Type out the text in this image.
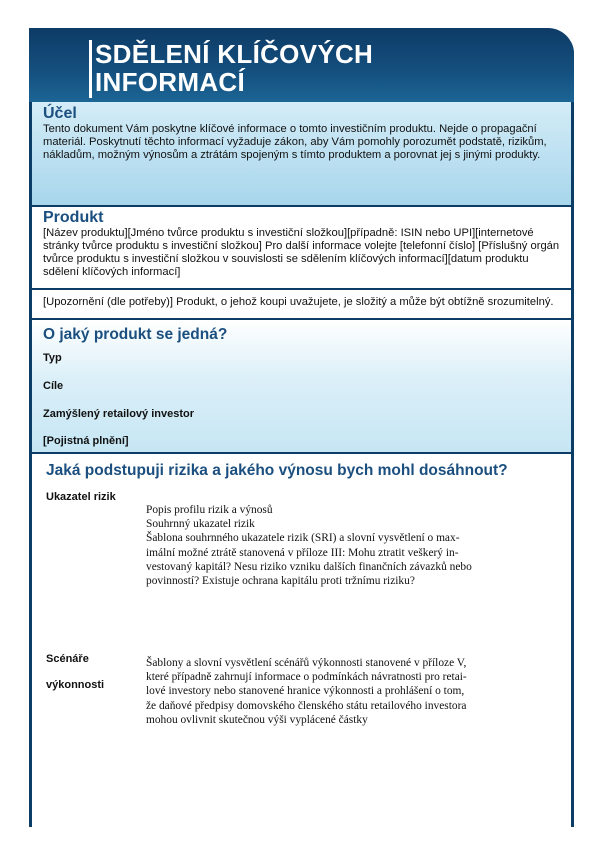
SDĚLENÍ KLÍČOVÝCH
INFORMACÍ
Účel

Tento dokument Vám poskytne klíčové informace o tomto investičním produktu. Nejde o propagační materiál. Poskytnutí těchto informací vyžaduje zákon, aby Vám pomohly porozumět podstatě, rizikům, nákladům, možným výnosům a ztrátám spojeným s tímto produktem a porovnat jej s jinými produkty.

Produkt

[Název produktu][Jméno tvůrce produktu s investiční složkou][případně: ISIN nebo UPI][internetové stránky tvůrce produktu s investiční složkou] Pro další informace volejte [telefonní číslo] [Příslušný orgán tvůrce produktu s investiční složkou v souvislosti se sdělením klíčových informací][datum produktu sdělení klíčových informací]

[Upozornění (dle potřeby)] Produkt, o jehož koupi uvažujete, je složitý a může být obtížně srozumitelný.

O jaký produkt se jedná?

Typ

Cíle

Zamýšlený retailový investor

[Pojistná plnění]

Jaká podstupuji rizika a jakého výnosu bych mohl dosáhnout?

Ukazatel rizik

Popis profilu rizik a výnosů

Souhrnný ukazatel rizik

Šablona souhrnného ukazatele rizik (SRI) a slovní vysvětlení o max-

imální možné ztrátě stanovená v příloze III: Mohu ztratit veškerý in-

vestovaný kapitál? Nesu riziko vzniku dalších finančních závazků nebo

povinností? Existuje ochrana kapitálu proti tržnímu riziku?

Scénáře

výkonnosti

Šablony a slovní vysvětlení scénářů výkonnosti stanovené v příloze V,

které případně zahrnují informace o podmínkách návratnosti pro retai-

lové investory nebo stanovené hranice výkonnosti a prohlášení o tom,

že daňové předpisy domovského členského státu retailového investora

mohou ovlivnit skutečnou výši vyplácené částky
